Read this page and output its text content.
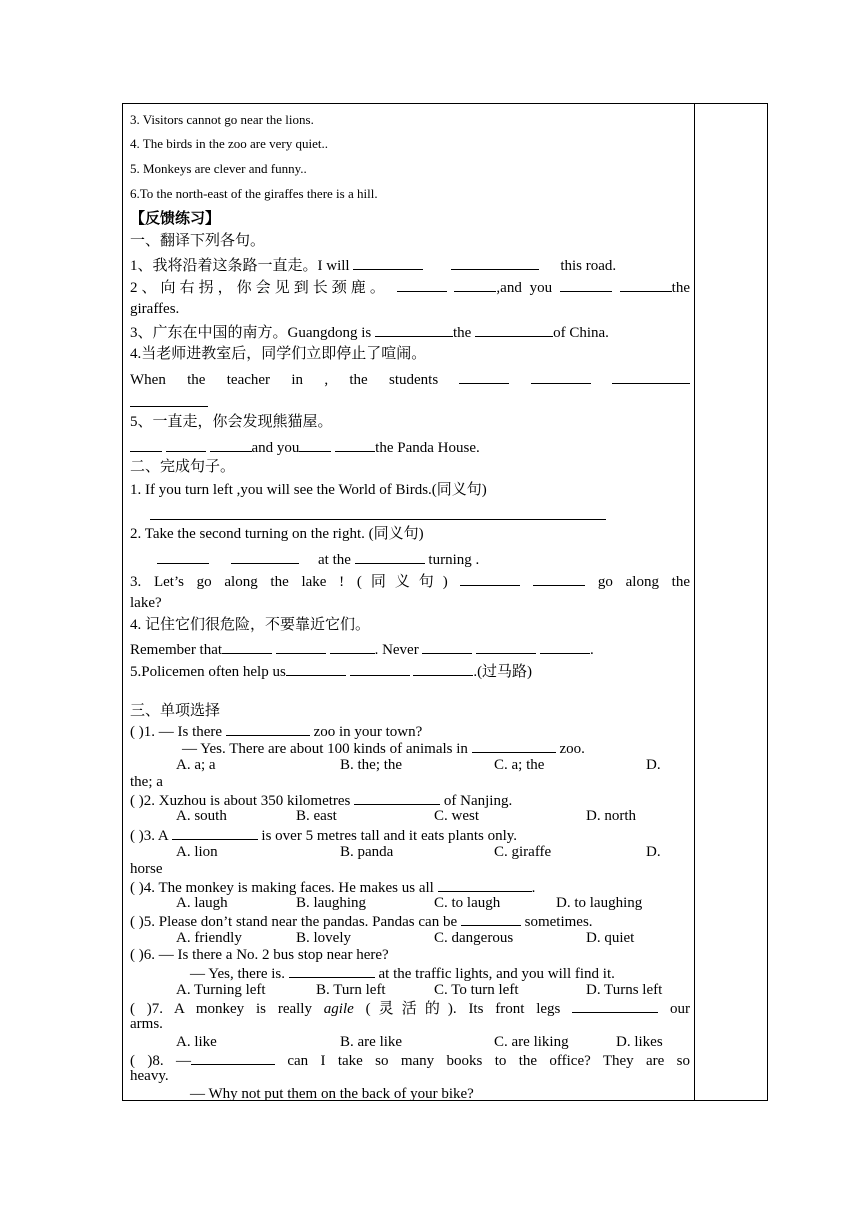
3. Visitors cannot go near the lions.
4. The birds in the zoo are very quiet..
5. Monkeys are clever and funny..
6.To the north-east of the giraffes there is a hill.
【反馈练习】
一、翻译下列各句。
1、我将沿着这条路一直走。I will	this road.
2、向右拐，你会见到长颈鹿。	,and you	the
giraffes.
3、广东在中国的南方。Guangdong is	the	of China.
4.当老师进教室后，同学们立即停止了喧闹。
When the teacher in , the students
5、一直走，你会发现熊猫屋。
and you	the Panda House.
二、完成句子。
1. If you turn left ,you will see the World of Birds.(同义句)
2. Take the second turning on the right. (同义句)
at the	turning .
3. Let’s go along the lake ! (同义句)	go along the
lake?
4. 记住它们很危险，不要靠近它们。
Remember that	. Never	.
5.Policemen often help us	.(过马路)
三、单项选择
( )1. — Is there	zoo in your town?
— Yes. There are about 100 kinds of animals in	zoo.
A. a; a	B. the; the	C. a; the	D.
the; a
( )2. Xuzhou is about 350 kilometres	of Nanjing.
A. south	B. east	C. west	D. north
( )3. A	is over 5 metres tall and it eats plants only.
A. lion	B. panda	C. giraffe	D.
horse
( )4. The monkey is making faces. He makes us all	.
A. laugh	B. laughing	C. to laugh	D. to laughing
( )5. Please don’t stand near the pandas. Pandas can be	sometimes.
A. friendly	B. lovely	C. dangerous	D. quiet
( )6. — Is there a No. 2 bus stop near here?
— Yes, there is.	at the traffic lights, and you will find it.
A. Turning left	B. Turn left	C. To turn left	D. Turns left
( )7. A monkey is really agile (灵活的). Its front legs	our
arms.
A. like	B. are like	C. are liking	D. likes
( )8. —	can I take so many books to the office? They are so
heavy.
— Why not put them on the back of your bike?
